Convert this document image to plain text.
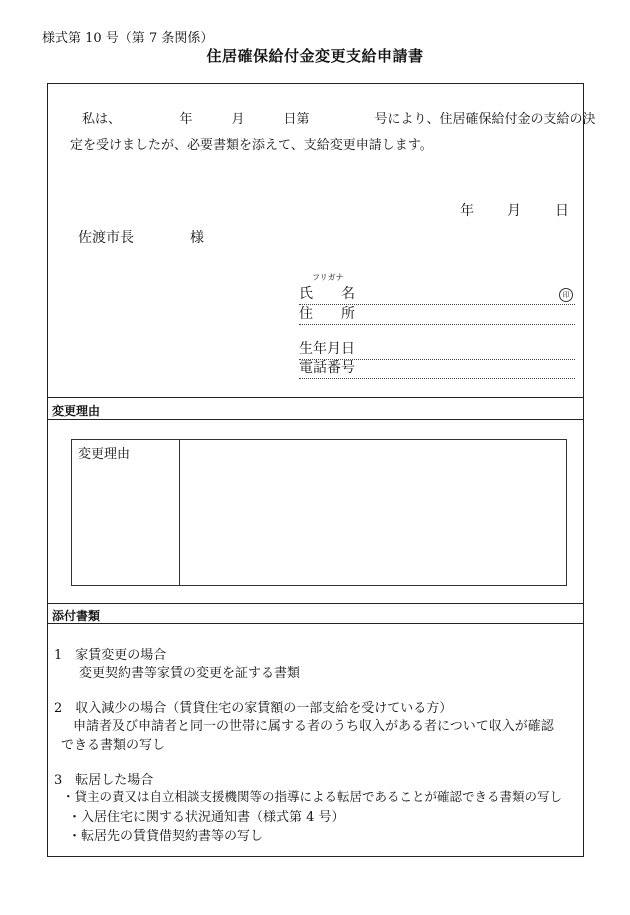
様式第 10 号（第 7 条関係）
住居確保給付金変更支給申請書
私は、　　　　　年　　　月　　　日第　　　　　号により、住居確保給付金の支給の決
定を受けましたが、必要書類を添えて、支給変更申請します。
年 月 日
佐渡市長　　　　様
フリガナ
氏　　名	印
住　　所
生年月日
電話番号
変更理由
変更理由
添付書類
1　家賃変更の場合
変更契約書等家賃の変更を証する書類
2　収入減少の場合（賃貸住宅の家賃額の一部支給を受けている方）
申請者及び申請者と同一の世帯に属する者のうち収入がある者について収入が確認
できる書類の写し
3　転居した場合
・貸主の責又は自立相談支援機関等の指導による転居であることが確認できる書類の写し
・入居住宅に関する状況通知書（様式第 4 号）
・転居先の賃貸借契約書等の写し
